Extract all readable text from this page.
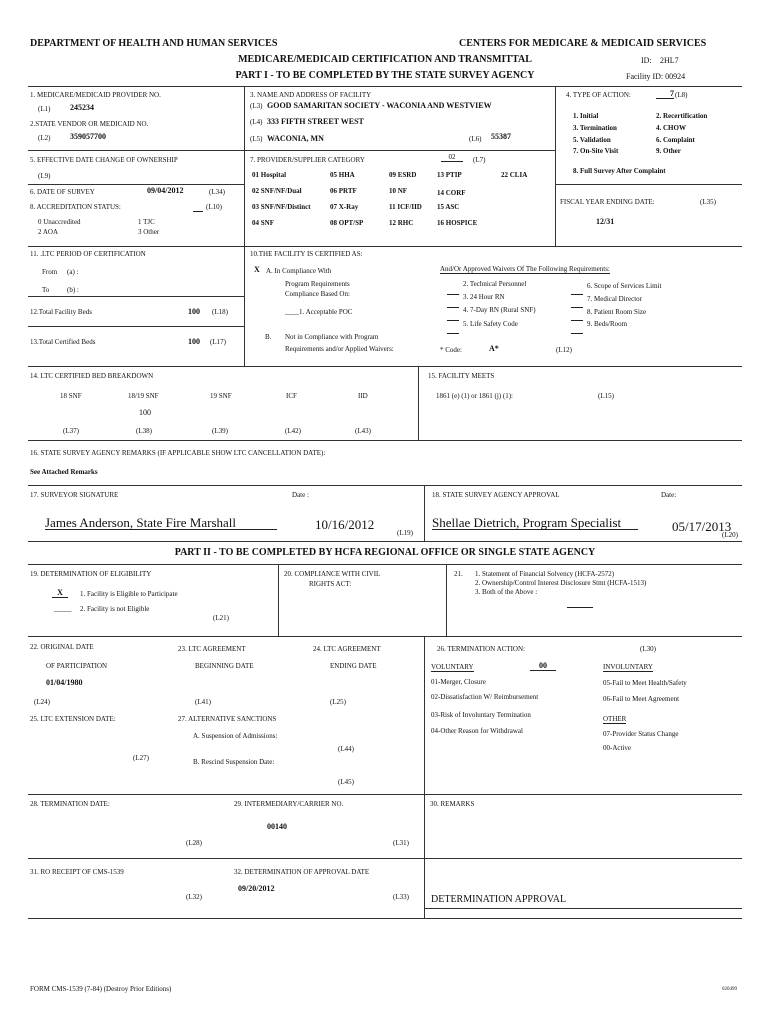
DEPARTMENT OF HEALTH AND HUMAN SERVICES	CENTERS FOR MEDICARE & MEDICAID SERVICES
MEDICARE/MEDICAID CERTIFICATION AND TRANSMITTAL	ID: 2HL7
PART I - TO BE COMPLETED BY THE STATE SURVEY AGENCY	Facility ID: 00924
1. MEDICARE/MEDICAID PROVIDER NO.
(L1) 245234
2.STATE VENDOR OR MEDICAID NO.
(L2) 359057700
3. NAME AND ADDRESS OF FACILITY
(L3) GOOD SAMARITAN SOCIETY - WACONIA AND WESTVIEW
(L4) 333 FIFTH STREET WEST
(L5) WACONIA, MN	(L6) 55387
4. TYPE OF ACTION:	7 (L8)
1. Initial	2. Recertification
3. Termination	4. CHOW
5. Validation	6. Complaint
7. On-Site Visit	9. Other
8. Full Survey After Complaint
5. EFFECTIVE DATE CHANGE OF OWNERSHIP
(L9)
6. DATE OF SURVEY	09/04/2012	(L34)
8. ACCREDITATION STATUS:	(L10)
0 Unaccredited	1 TJC
2 AOA	3 Other
7. PROVIDER/SUPPLIER CATEGORY	02	(L7)
01 Hospital	05 HHA	09 ESRD	13 PTIP	22 CLIA
02 SNF/NF/Dual	06 PRTF	10 NF	14 CORF
03 SNF/NF/Distinct	07 X-Ray	11 ICF/IID 15 ASC
04 SNF	08 OPT/SP	12 RHC	16 HOSPICE
FISCAL YEAR ENDING DATE:	(L35)
12/31
11. .LTC PERIOD OF CERTIFICATION
From (a) :
To	(b) :
12.Total Facility Beds	100 (L18)
13.Total Certified Beds	100 (L17)
10.THE FACILITY IS CERTIFIED AS:
X A. In Compliance With
Program Requirements
Compliance Based On:
____1. Acceptable POC
B. Not in Compliance with Program
Requirements and/or Applied Waivers:
And/Or Approved Waivers Of The Following Requirements:
2. Technical Personnel
3. 24 Hour RN
4. 7-Day RN (Rural SNF)
5. Life Safety Code
6. Scope of Services Limit
7. Medical Director
8. Patient Room Size
9. Beds/Room
* Code:	A*	(L12)
14. LTC CERTIFIED BED BREAKDOWN
18 SNF	18/19 SNF	19 SNF	ICF	IID
100
(L37)	(L38)	(L39)	(L42)	(L43)
15. FACILITY MEETS
1861 (e) (1) or 1861 (j) (1):	(L15)
16. STATE SURVEY AGENCY REMARKS (IF APPLICABLE SHOW LTC CANCELLATION DATE):
See Attached Remarks
17. SURVEYOR SIGNATURE	Date :
James Anderson, State Fire Marshall	10/16/2012
(L19)
18. STATE SURVEY AGENCY APPROVAL	Date:
Shellae Dietrich, Program Specialist	05/17/2013
(L20)
PART II - TO BE COMPLETED BY HCFA REGIONAL OFFICE OR SINGLE STATE AGENCY
19. DETERMINATION OF ELIGIBILITY
X	1. Facility is Eligible to Participate
_____ 2. Facility is not Eligible
(L21)
20. COMPLIANCE WITH CIVIL
RIGHTS ACT:
21. 1. Statement of Financial Solvency (HCFA-2572)
2. Ownership/Control Interest Disclosure Stmt (HCFA-1513)
3. Both of the Above :
22. ORIGINAL DATE
OF PARTICIPATION
01/04/1980
(L24)
23. LTC AGREEMENT
BEGINNING DATE
(L41)
24. LTC AGREEMENT
ENDING DATE
(L25)
25. LTC EXTENSION DATE:
(L27)
27. ALTERNATIVE SANCTIONS
A. Suspension of Admissions:
(L44)
B. Rescind Suspension Date:
(L45)
26. TERMINATION ACTION:	(L30)
VOLUNTARY	00	INVOLUNTARY
01-Merger, Closure
02-Dissatisfaction W/ Reimbursement
03-Risk of Involuntary Termination
04-Other Reason for Withdrawal
05-Fail to Meet Health/Safety
06-Fail to Meet Agreement
OTHER
07-Provider Status Change
00-Active
28. TERMINATION DATE:	29. INTERMEDIARY/CARRIER NO.
00140
(L28)	(L31)
30. REMARKS
31. RO RECEIPT OF CMS-1539
(L32)
32. DETERMINATION OF APPROVAL DATE
09/20/2012
(L33) DETERMINATION APPROVAL
FORM CMS-1539 (7-84) (Destroy Prior Editions)	020499
